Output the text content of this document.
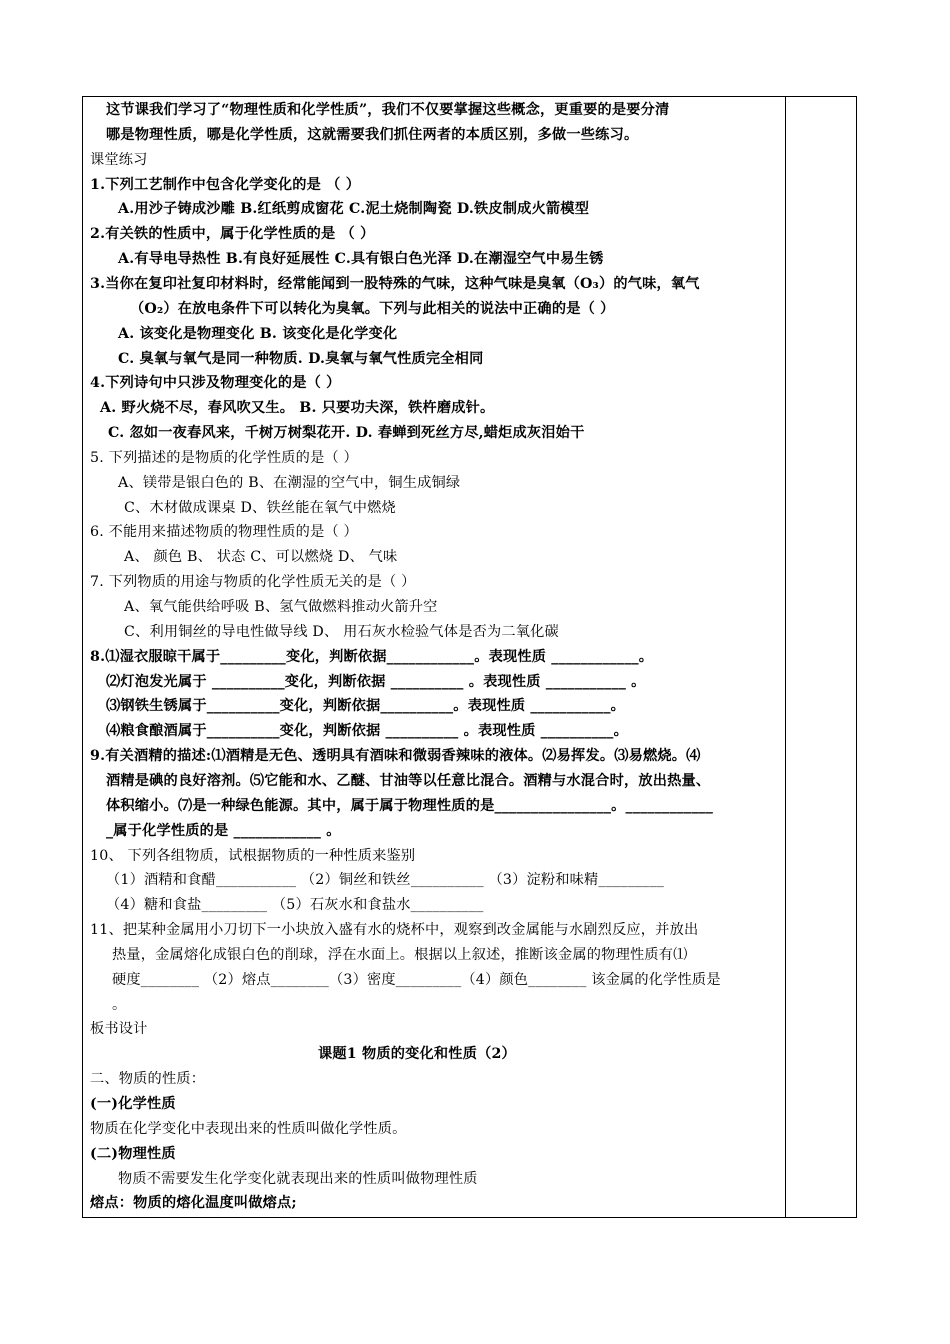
这节课我们学习了“物理性质和化学性质”，我们不仅要掌握这些概念，更重要的是要分清
哪是物理性质，哪是化学性质，这就需要我们抓住两者的本质区别，多做一些练习。
课堂练习
1.下列工艺制作中包含化学变化的是 （ ）
A.用沙子铸成沙雕 B.红纸剪成窗花 C.泥土烧制陶瓷 D.铁皮制成火箭模型
2.有关铁的性质中，属于化学性质的是 （ ）
A.有导电导热性 B.有良好延展性 C.具有银白色光泽 D.在潮湿空气中易生锈
3.当你在复印社复印材料时，经常能闻到一股特殊的气味，这种气味是臭氧（O₃）的气味，氧气
（O₂）在放电条件下可以转化为臭氧。下列与此相关的说法中正确的是（ ）
A. 该变化是物理变化 B. 该变化是化学变化
C. 臭氧与氧气是同一种物质. D.臭氧与氧气性质完全相同
4.下列诗句中只涉及物理变化的是（ ）
A. 野火烧不尽，春风吹又生。 B. 只要功夫深，铁杵磨成针。
C. 忽如一夜春风来，千树万树梨花开. D. 春蝉到死丝方尽,蜡炬成灰泪始干
5. 下列描述的是物质的化学性质的是（ ）
A、镁带是银白色的 B、在潮湿的空气中，铜生成铜绿
C、木材做成课桌 D、铁丝能在氧气中燃烧
6. 不能用来描述物质的物理性质的是（ ）
A、 颜色 B、 状态 C、可以燃烧 D、 气味
7. 下列物质的用途与物质的化学性质无关的是（ ）
A、氧气能供给呼吸 B、氢气做燃料推动火箭升空
C、利用铜丝的导电性做导线 D、 用石灰水检验气体是否为二氧化碳
8.⑴湿衣服晾干属于_________变化，判断依据____________。表现性质 ____________。
⑵灯泡发光属于 __________变化，判断依据 __________ 。表现性质 ___________ 。
⑶钢铁生锈属于__________变化，判断依据__________。表现性质 ___________。
⑷粮食酿酒属于__________变化，判断依据 __________ 。表现性质 __________。
9.有关酒精的描述:⑴酒精是无色、透明具有酒味和微弱香辣味的液体。⑵易挥发。⑶易燃烧。⑷
酒精是碘的良好溶剂。⑸它能和水、乙醚、甘油等以任意比混合。酒精与水混合时，放出热量、
体积缩小。⑺是一种绿色能源。其中，属于属于物理性质的是________________。____________
_属于化学性质的是 ____________ 。
10、 下列各组物质，试根据物质的一种性质来鉴别
（1）酒精和食醋___________ （2）铜丝和铁丝__________ （3）淀粉和味精_________
（4）糖和食盐_________ （5）石灰水和食盐水__________
11、把某种金属用小刀切下一小块放入盛有水的烧杯中，观察到改金属能与水剧烈反应，并放出
热量，金属熔化成银白色的削球，浮在水面上。根据以上叙述，推断该金属的物理性质有⑴
硬度________ （2）熔点________（3）密度_________（4）颜色________ 该金属的化学性质是
。
板书设计
课题1 物质的变化和性质（2）
二、物质的性质：
(一)化学性质
物质在化学变化中表现出来的性质叫做化学性质。
(二)物理性质
物质不需要发生化学变化就表现出来的性质叫做物理性质
熔点：物质的熔化温度叫做熔点;
